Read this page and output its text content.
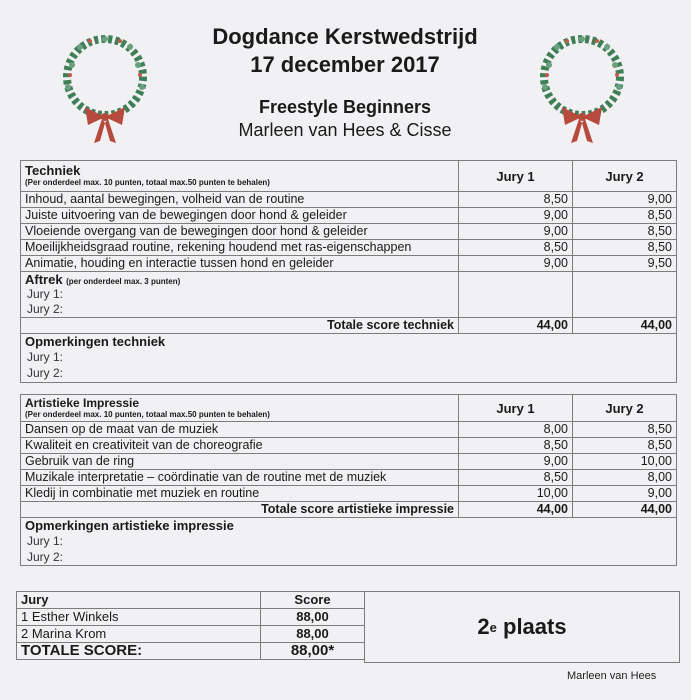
Dogdance Kerstwedstrijd
17 december 2017
Freestyle Beginners
Marleen van Hees & Cisse
Techniek
(Per onderdeel max. 10 punten, totaal max.50 punten te behalen)	Jury 1	Jury 2
Inhoud, aantal bewegingen, volheid van de routine	8,50	9,00
Juiste uitvoering van de bewegingen door hond & geleider	9,00	8,50
Vloeiende overgang van de bewegingen door hond & geleider	9,00	8,50
Moeilijkheidsgraad routine, rekening houdend met ras-eigenschappen	8,50	8,50
Animatie, houding en interactie tussen hond en geleider	9,00	9,50
Aftrek (per onderdeel max. 3 punten)		
Jury 1:		
Jury 2:		
Totale score techniek	44,00	44,00
Opmerkingen techniek		
Jury 1:		
Jury 2:		
Artistieke Impressie
(Per onderdeel max. 10 punten, totaal max.50 punten te behalen)	Jury 1	Jury 2
Dansen op de maat van de muziek	8,00	8,50
Kwaliteit en creativiteit van de choreografie	8,50	8,50
Gebruik van de ring	9,00	10,00
Muzikale interpretatie – coördinatie van de routine met de muziek	8,50	8,00
Kledij in combinatie met muziek en routine	10,00	9,00
Totale score artistieke impressie	44,00	44,00
Opmerkingen artistieke impressie		
Jury 1:		
Jury 2:		
Jury	Score
1 Esther Winkels	88,00
2 Marina Krom	88,00
TOTALE SCORE:	88,00*
2 e
plaats
Marleen van Hees
